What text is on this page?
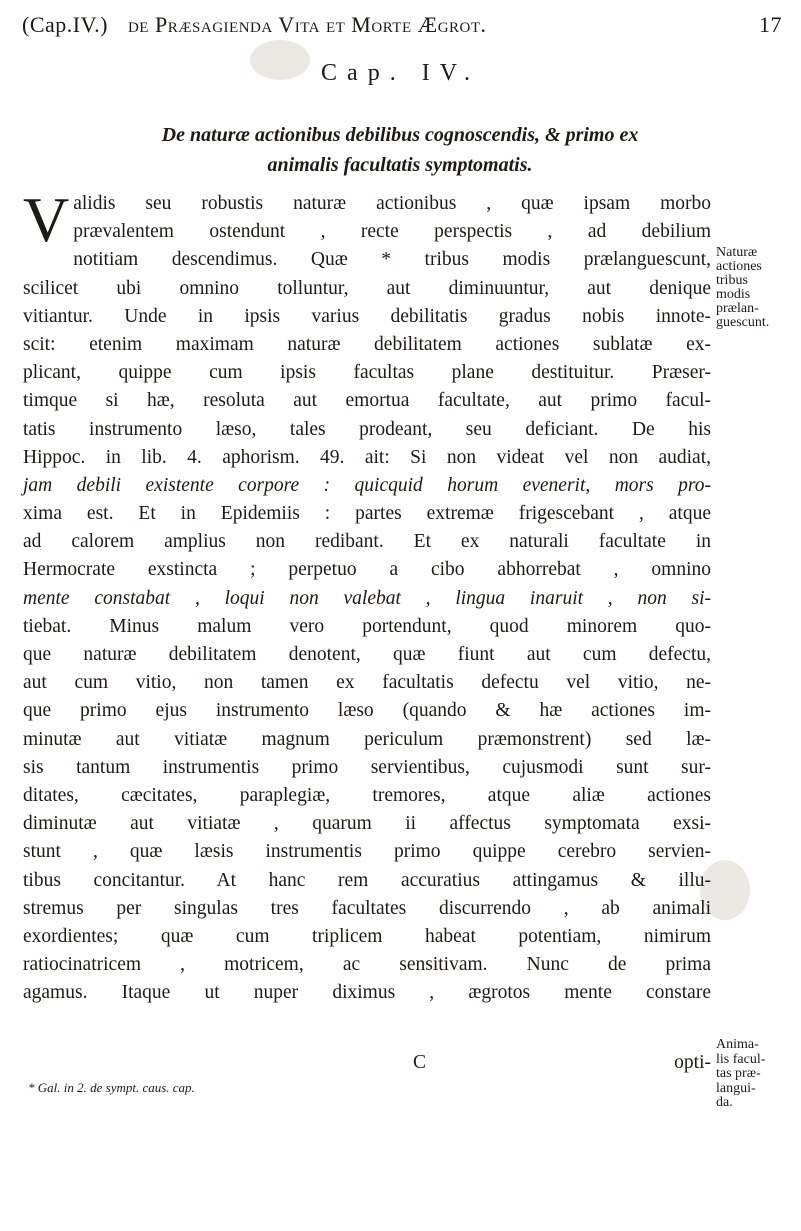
(Cap.IV.) de Præsagienda Vita et Morte Ægrot.	17
Cap. IV.
De naturæ actionibus debilibus cognoscendis, & primo ex
animalis facultatis symptomatis.
V alidis seu robustis naturæ actionibus , quæ ipsam morbo
prævalentem ostendunt , recte perspectis , ad debilium
notitiam descendimus. Quæ * tribus modis prælanguescunt,
scilicet ubi omnino tolluntur, aut diminuuntur, aut denique
vitiantur. Unde in ipsis varius debilitatis gradus nobis innote-
scit: etenim maximam naturæ debilitatem actiones sublatæ ex-
plicant, quippe cum ipsis facultas plane destituitur. Præser-
timque si hæ, resoluta aut emortua facultate, aut primo facul-
tatis instrumento læso, tales prodeant, seu deficiant. De his
Hippoc. in lib. 4. aphorism. 49. ait: Si non videat vel non audiat,
jam debili existente corpore : quicquid horum evenerit, mors pro-
xima est. Et in Epidemiis : partes extremæ frigescebant , atque
ad calorem amplius non redibant. Et ex naturali facultate in
Hermocrate exstincta ; perpetuo a cibo abhorrebat , omnino
mente constabat , loqui non valebat , lingua inaruit , non si-
tiebat. Minus malum vero portendunt, quod minorem quo-
que naturæ debilitatem denotent, quæ fiunt aut cum defectu,
aut cum vitio, non tamen ex facultatis defectu vel vitio, ne-
que primo ejus instrumento læso (quando & hæ actiones im-
minutæ aut vitiatæ magnum periculum præmonstrent) sed læ-
sis tantum instrumentis primo servientibus, cujusmodi sunt sur-
ditates, cæcitates, paraplegiæ, tremores, atque aliæ actiones
diminutæ aut vitiatæ , quarum ii affectus symptomata exsi-
stunt , quæ læsis instrumentis primo quippe cerebro servien-
tibus concitantur. At hanc rem accuratius attingamus & illu-
stremus per singulas tres facultates discurrendo , ab animali
exordientes; quæ cum triplicem habeat potentiam, nimirum
ratiocinatricem , motricem, ac sensitivam. Nunc de prima
agamus. Itaque ut nuper diximus , ægrotos mente constare
Naturæ
actiones
tribus
modis
prælan-
guescunt.
Anima-
lis facul-
tas præ-
langui-
da.
C	opti-
* Gal. in 2. de sympt. caus. cap.
